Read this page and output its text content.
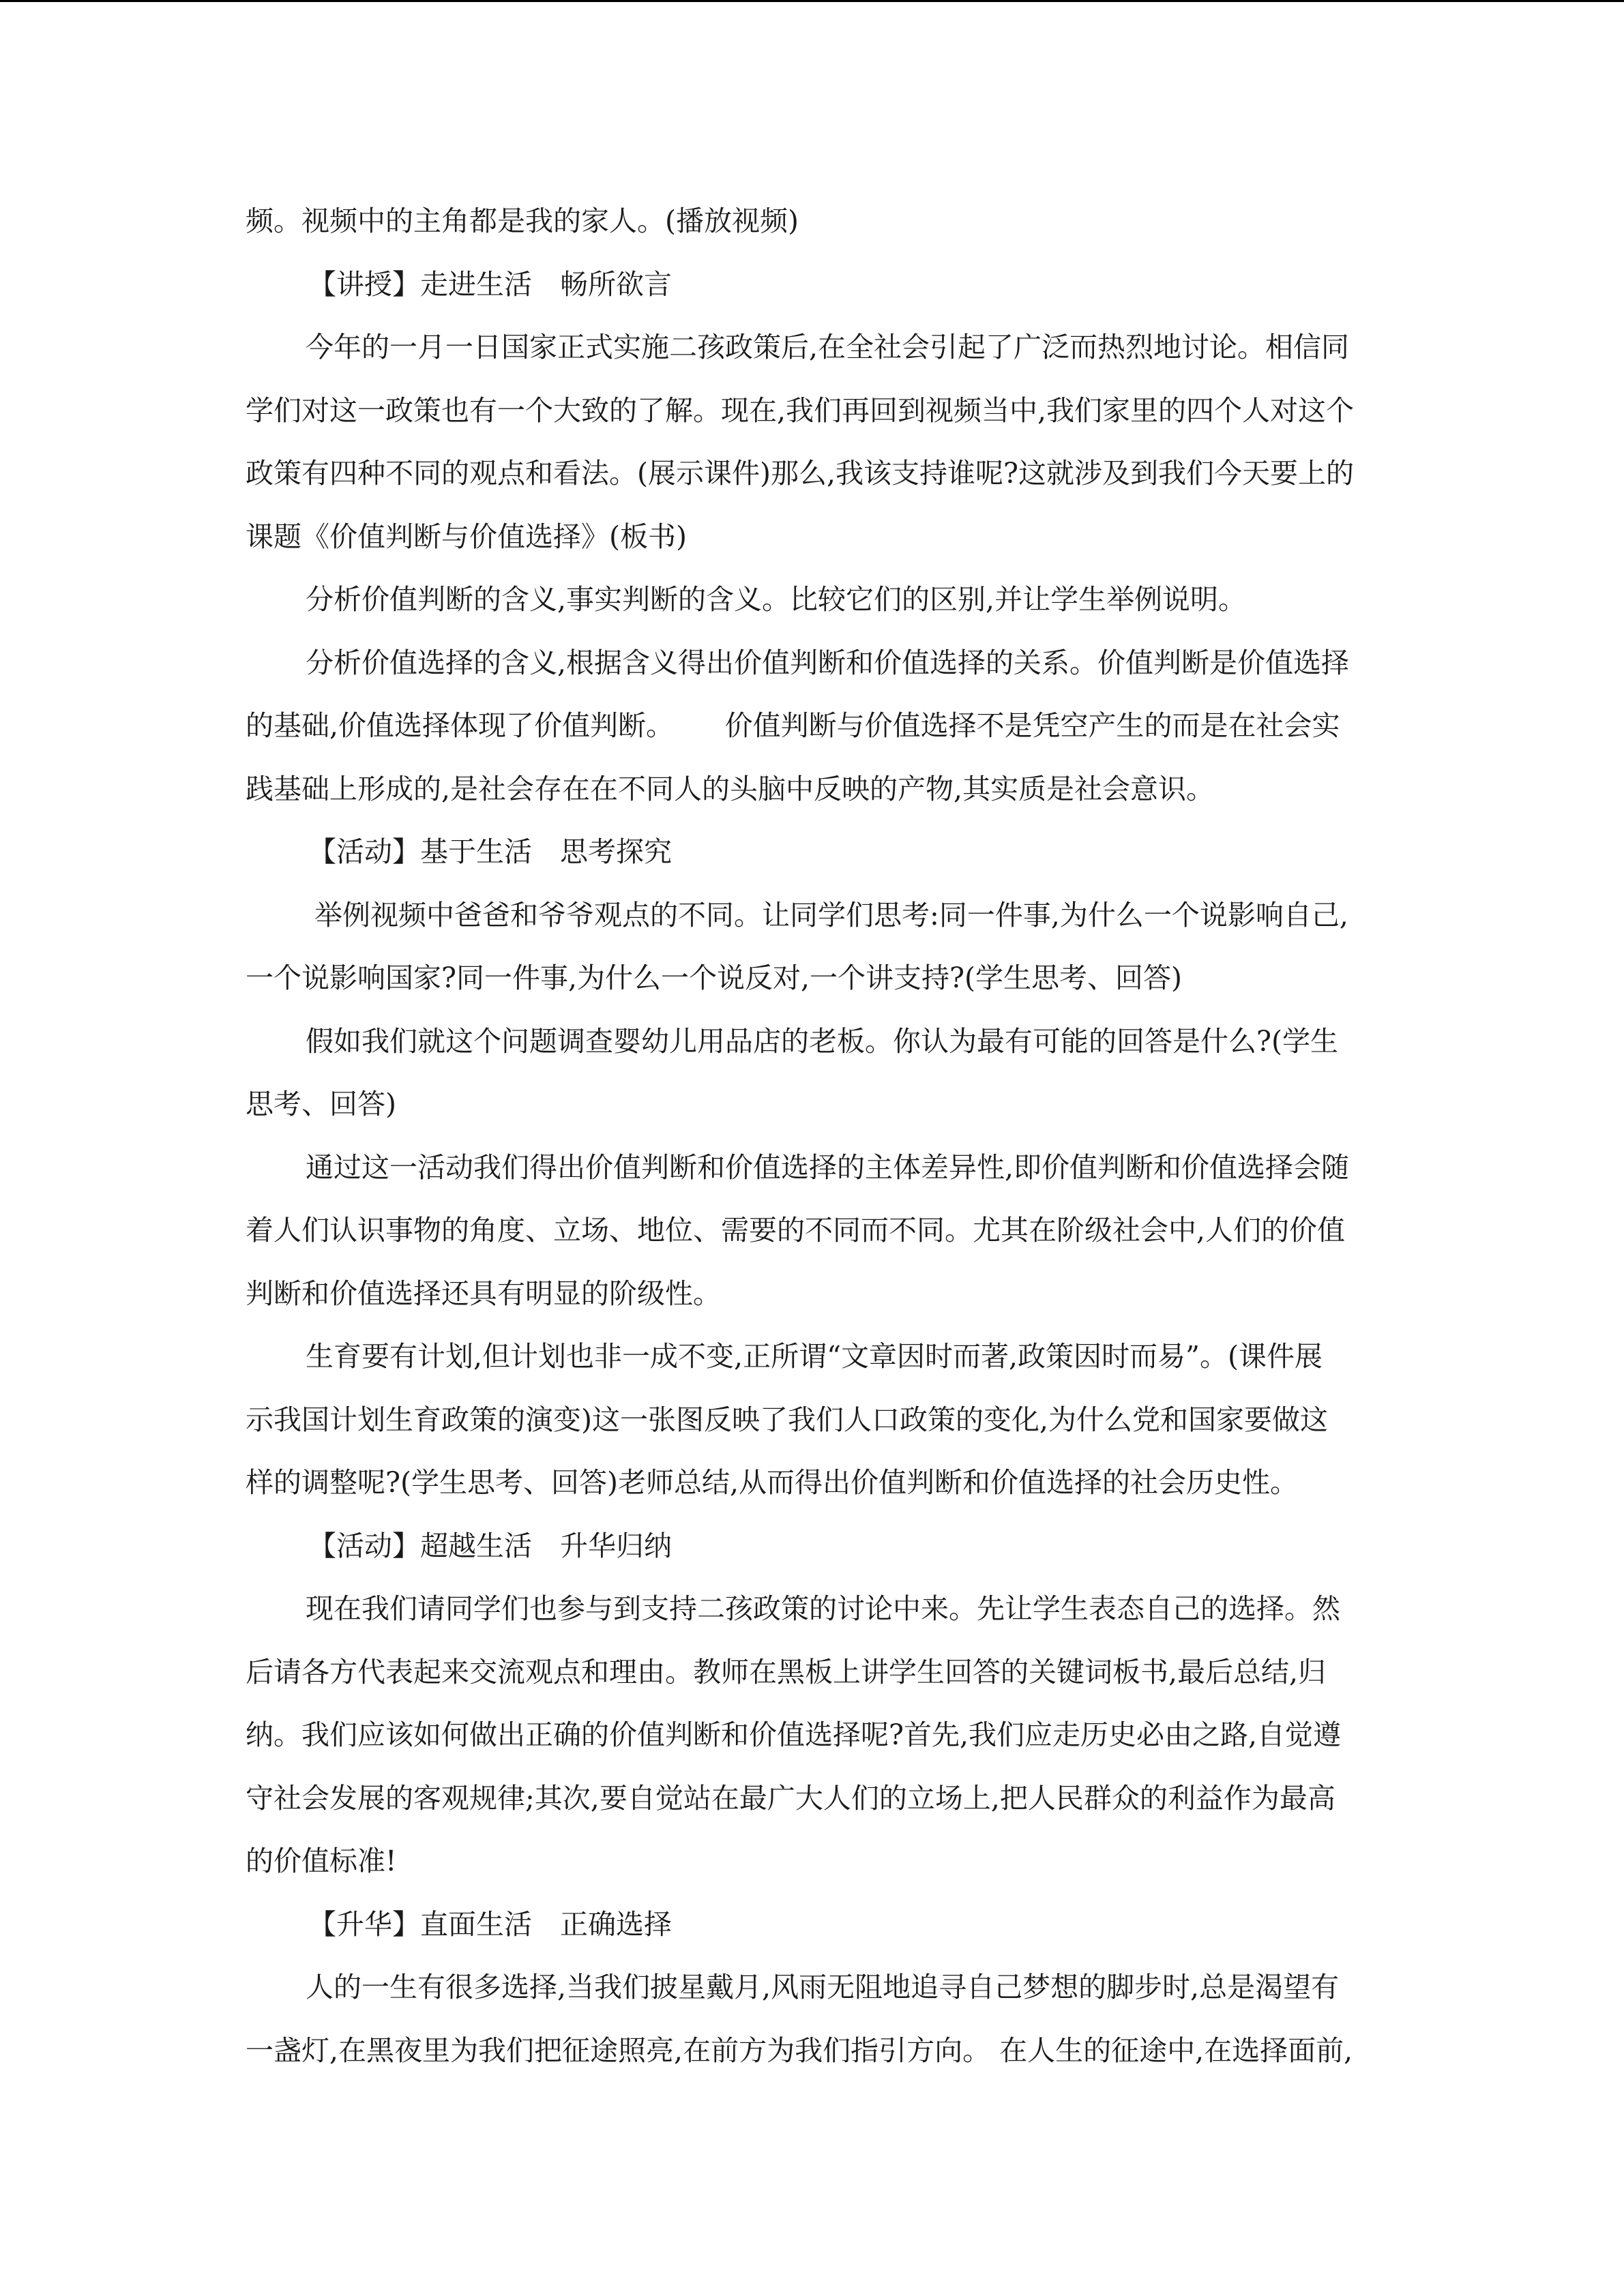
频。视频中的主角都是我的家人。(播放视频)
【讲授】走进生活　畅所欲言
今年的一月一日国家正式实施二孩政策后,在全社会引起了广泛而热烈地讨论。相信同
学们对这一政策也有一个大致的了解。现在,我们再回到视频当中,我们家里的四个人对这个
政策有四种不同的观点和看法。(展示课件)那么,我该支持谁呢?这就涉及到我们今天要上的
课题《价值判断与价值选择》(板书)
分析价值判断的含义,事实判断的含义。比较它们的区别,并让学生举例说明。
分析价值选择的含义,根据含义得出价值判断和价值选择的关系。价值判断是价值选择
的基础,价值选择体现了价值判断。　　 价值判断与价值选择不是凭空产生的而是在社会实
践基础上形成的,是社会存在在不同人的头脑中反映的产物,其实质是社会意识。
【活动】基于生活　思考探究
举例视频中爸爸和爷爷观点的不同。让同学们思考:同一件事,为什么一个说影响自己,
一个说影响国家?同一件事,为什么一个说反对,一个讲支持?(学生思考、回答)
假如我们就这个问题调查婴幼儿用品店的老板。你认为最有可能的回答是什么?(学生
思考、回答)
通过这一活动我们得出价值判断和价值选择的主体差异性,即价值判断和价值选择会随
着人们认识事物的角度、立场、地位、需要的不同而不同。尤其在阶级社会中,人们的价值
判断和价值选择还具有明显的阶级性。
生育要有计划,但计划也非一成不变,正所谓“文章因时而著,政策因时而易”。(课件展
示我国计划生育政策的演变)这一张图反映了我们人口政策的变化,为什么党和国家要做这
样的调整呢?(学生思考、回答)老师总结,从而得出价值判断和价值选择的社会历史性。
【活动】超越生活　升华归纳
现在我们请同学们也参与到支持二孩政策的讨论中来。先让学生表态自己的选择。然
后请各方代表起来交流观点和理由。教师在黑板上讲学生回答的关键词板书,最后总结,归
纳。我们应该如何做出正确的价值判断和价值选择呢?首先,我们应走历史必由之路,自觉遵
守社会发展的客观规律;其次,要自觉站在最广大人们的立场上,把人民群众的利益作为最高
的价值标准!
【升华】直面生活　正确选择
人的一生有很多选择,当我们披星戴月,风雨无阻地追寻自己梦想的脚步时,总是渴望有
一盏灯,在黑夜里为我们把征途照亮,在前方为我们指引方向。 在人生的征途中,在选择面前,
